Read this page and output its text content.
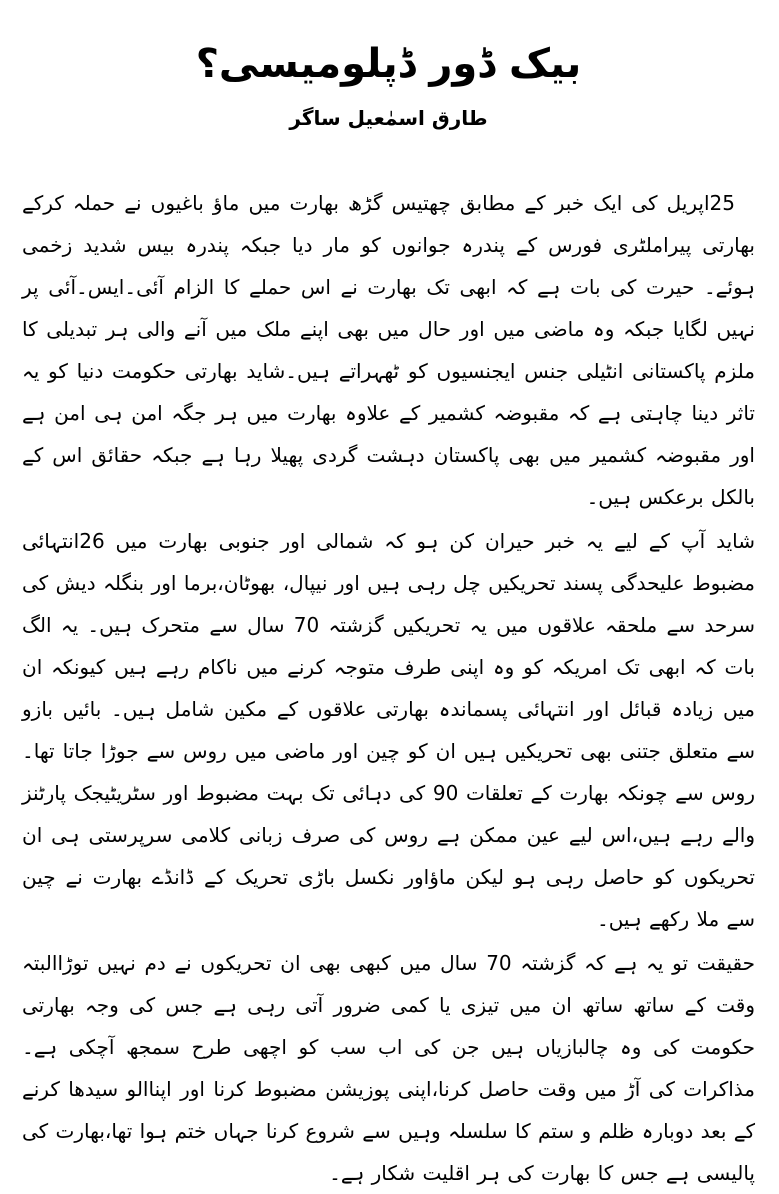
بیک ڈور ڈپلومیسی؟
طارق اسمٰعیل ساگر

25اپریل کی ایک خبر کے مطابق چھتیس گڑھ بھارت میں ماؤ باغیوں نے حملہ کرکے بھارتی پیراملٹری فورس کے پندرہ جوانوں کو مار دیا جبکہ پندرہ بیس شدید زخمی ہوئے۔ حیرت کی بات ہے کہ ابھی تک بھارت نے اس حملے کا الزام آئی۔ایس۔آئی پر نہیں لگایا جبکہ وہ ماضی میں اور حال میں بھی اپنے ملک میں آنے والی ہر تبدیلی کا ملزم پاکستانی انٹیلی جنس ایجنسیوں کو ٹھہراتے ہیں۔شاید بھارتی حکومت دنیا کو یہ تاثر دینا چاہتی ہے کہ مقبوضہ کشمیر کے علاوہ بھارت میں ہر جگہ امن ہی امن ہے اور مقبوضہ کشمیر میں بھی پاکستان دہشت گردی پھیلا رہا ہے جبکہ حقائق اس کے بالکل برعکس ہیں۔

شاید آپ کے لیے یہ خبر حیران کن ہو کہ شمالی اور جنوبی بھارت میں 26انتہائی مضبوط علیحدگی پسند تحریکیں چل رہی ہیں اور نیپال، بھوٹان،برما اور بنگلہ دیش کی سرحد سے ملحقہ علاقوں میں یہ تحریکیں گزشتہ 70 سال سے متحرک ہیں۔ یہ الگ بات کہ ابھی تک امریکہ کو وہ اپنی طرف متوجہ کرنے میں ناکام رہے ہیں کیونکہ ان میں زیادہ قبائل اور انتہائی پسماندہ بھارتی علاقوں کے مکین شامل ہیں۔ بائیں بازو سے متعلق جتنی بھی تحریکیں ہیں ان کو چین اور ماضی میں روس سے جوڑا جاتا تھا۔روس سے چونکہ بھارت کے تعلقات 90 کی دہائی تک بہت مضبوط اور سٹریٹیجک پارٹنز والے رہے ہیں،اس لیے عین ممکن ہے روس کی صرف زبانی کلامی سرپرستی ہی ان تحریکوں کو حاصل رہی ہو لیکن ماؤاور نکسل باڑی تحریک کے ڈانڈے بھارت نے چین سے ملا رکھے ہیں۔

حقیقت تو یہ ہے کہ گزشتہ 70 سال میں کبھی بھی ان تحریکوں نے دم نہیں توڑاالبتہ وقت کے ساتھ ساتھ ان میں تیزی یا کمی ضرور آتی رہی ہے جس کی وجہ بھارتی حکومت کی وہ چالبازیاں ہیں جن کی اب سب کو اچھی طرح سمجھ آچکی ہے۔مذاکرات کی آڑ میں وقت حاصل کرنا،اپنی پوزیشن مضبوط کرنا اور اپناالو سیدھا کرنے کے بعد دوبارہ ظلم و ستم کا سلسلہ وہیں سے شروع کرنا جہاں ختم ہوا تھا،بھارت کی پالیسی ہے جس کا بھارت کی ہر اقلیت شکار ہے۔
